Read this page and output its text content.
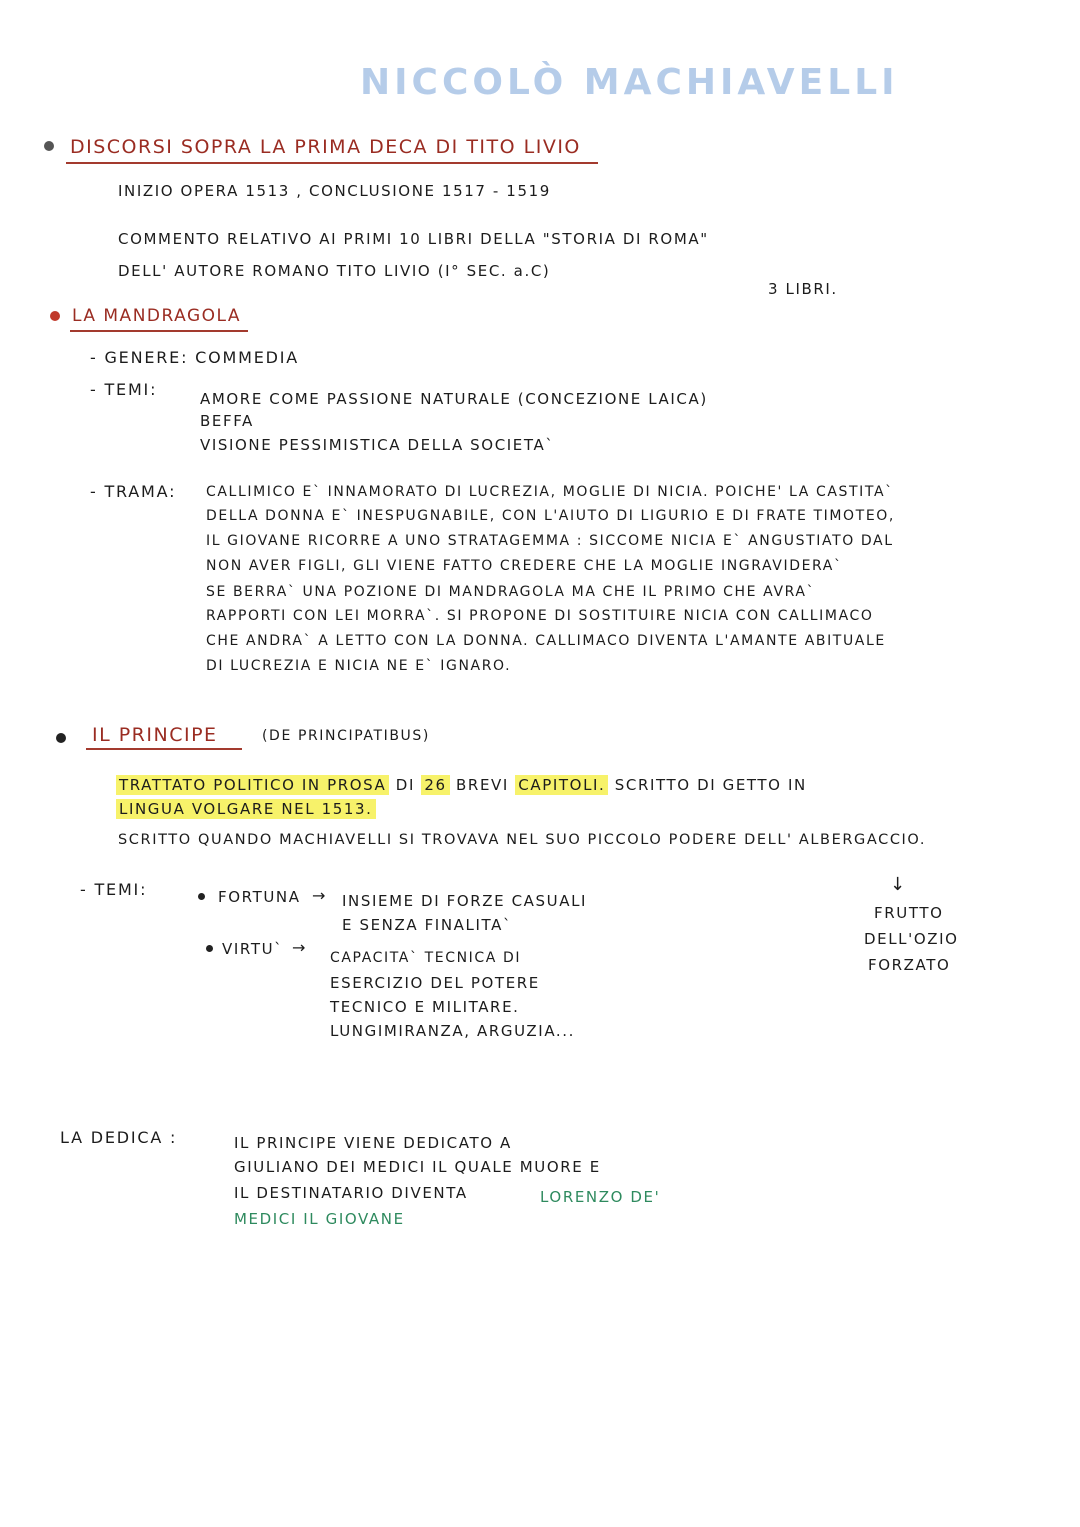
NICCOLÒ MACHIAVELLI
DISCORSI SOPRA LA PRIMA DECA DI TITO LIVIO
INIZIO OPERA 1513 , CONCLUSIONE 1517 - 1519
COMMENTO RELATIVO AI PRIMI 10 LIBRI DELLA "STORIA DI ROMA"
DELL' AUTORE ROMANO TITO LIVIO (I° SEC. a.C)
3 LIBRI.
LA MANDRAGOLA
- GENERE: COMMEDIA
- TEMI:	AMORE COME PASSIONE NATURALE (CONCEZIONE LAICA)
BEFFA
VISIONE PESSIMISTICA DELLA SOCIETA`
- TRAMA: CALLIMICO E` INNAMORATO DI LUCREZIA, MOGLIE DI NICIA. POICHE' LA CASTITA`
DELLA DONNA E` INESPUGNABILE, CON L'AIUTO DI LIGURIO E DI FRATE TIMOTEO,
IL GIOVANE RICORRE A UNO STRATAGEMMA : SICCOME NICIA E` ANGUSTIATO DAL
NON AVER FIGLI, GLI VIENE FATTO CREDERE CHE LA MOGLIE INGRAVIDERA`
SE BERRA` UNA POZIONE DI MANDRAGOLA MA CHE IL PRIMO CHE AVRA`
RAPPORTI CON LEI MORRA`. SI PROPONE DI SOSTITUIRE NICIA CON CALLIMACO
CHE ANDRA` A LETTO CON LA DONNA. CALLIMACO DIVENTA L'AMANTE ABITUALE
DI LUCREZIA E NICIA NE E` IGNARO.
IL PRINCIPE	(DE PRINCIPATIBUS)
TRATTATO POLITICO IN PROSA DI 26 BREVI CAPITOLI. SCRITTO DI GETTO IN
LINGUA VOLGARE NEL 1513.
SCRITTO QUANDO MACHIAVELLI SI TROVAVA NEL SUO PICCOLO PODERE DELL' ALBERGACCIO.
- TEMI:	FORTUNA → INSIEME DI FORZE CASUALI
E SENZA FINALITA`
VIRTU` →
CAPACITA` TECNICA DI
ESERCIZIO DEL POTERE
TECNICO E MILITARE.
LUNGIMIRANZA, ARGUZIA...
↓
FRUTTO
DELL'OZIO
FORZATO
LA DEDICA :	IL PRINCIPE VIENE DEDICATO A
GIULIANO DEI MEDICI IL QUALE MUORE E
IL DESTINATARIO DIVENTA	LORENZO DE'
MEDICI IL GIOVANE
